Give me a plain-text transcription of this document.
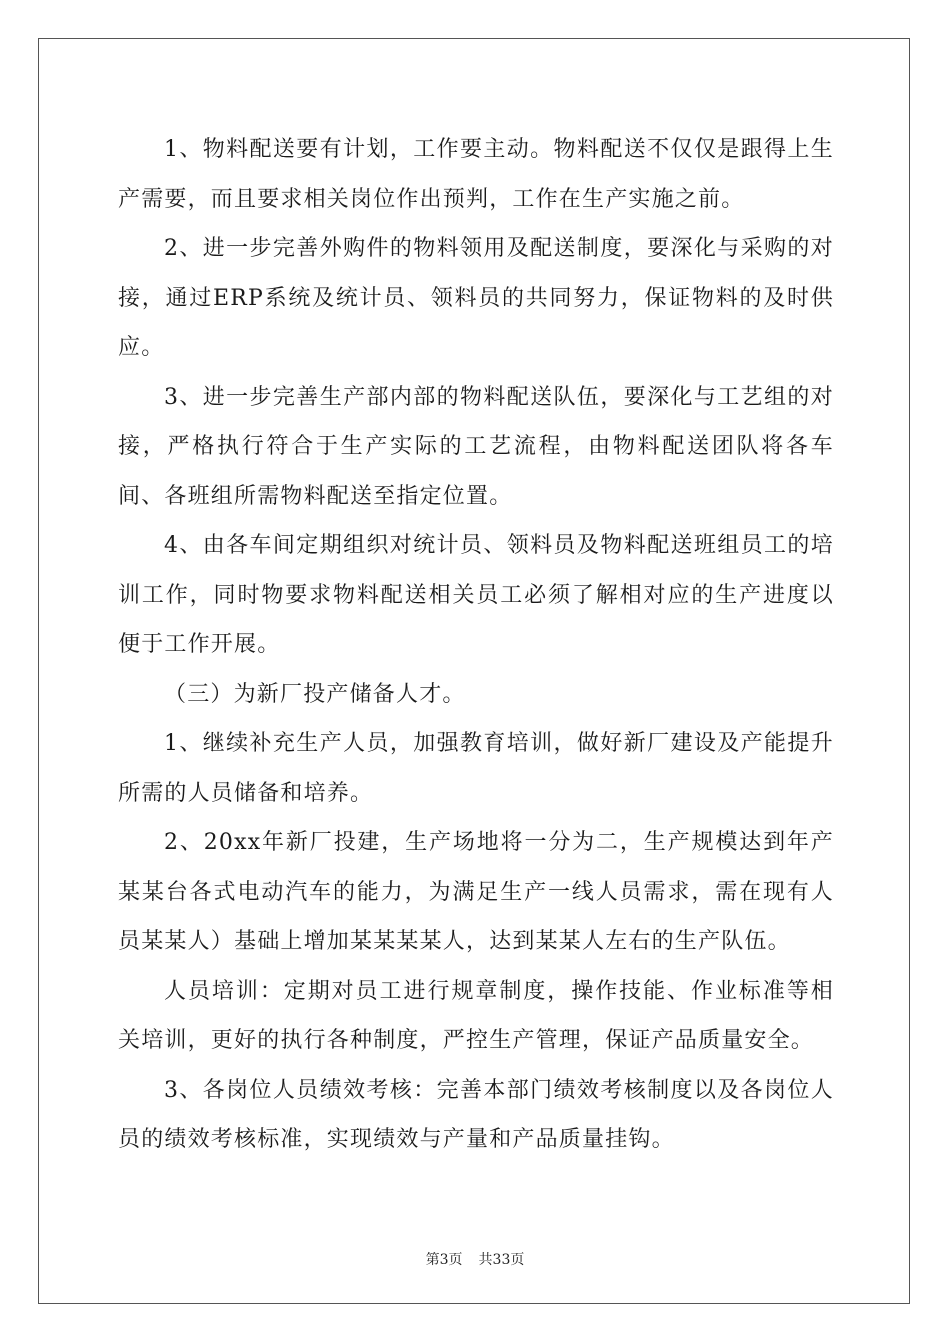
1、物料配送要有计划，工作要主动。物料配送不仅仅是跟得上生产需要，而且要求相关岗位作出预判，工作在生产实施之前。

2、进一步完善外购件的物料领用及配送制度，要深化与采购的对接，通过ERP系统及统计员、领料员的共同努力，保证物料的及时供应。

3、进一步完善生产部内部的物料配送队伍，要深化与工艺组的对接，严格执行符合于生产实际的工艺流程，由物料配送团队将各车间、各班组所需物料配送至指定位置。

4、由各车间定期组织对统计员、领料员及物料配送班组员工的培训工作，同时物要求物料配送相关员工必须了解相对应的生产进度以便于工作开展。

（三）为新厂投产储备人才。

1、继续补充生产人员，加强教育培训，做好新厂建设及产能提升所需的人员储备和培养。

2、20xx年新厂投建，生产场地将一分为二，生产规模达到年产某某台各式电动汽车的能力，为满足生产一线人员需求，需在现有人员某某人）基础上增加某某某某人，达到某某人左右的生产队伍。

人员培训：定期对员工进行规章制度，操作技能、作业标准等相关培训，更好的执行各种制度，严控生产管理，保证产品质量安全。

3、各岗位人员绩效考核：完善本部门绩效考核制度以及各岗位人员的绩效考核标准，实现绩效与产量和产品质量挂钩。

第3页 共33页
